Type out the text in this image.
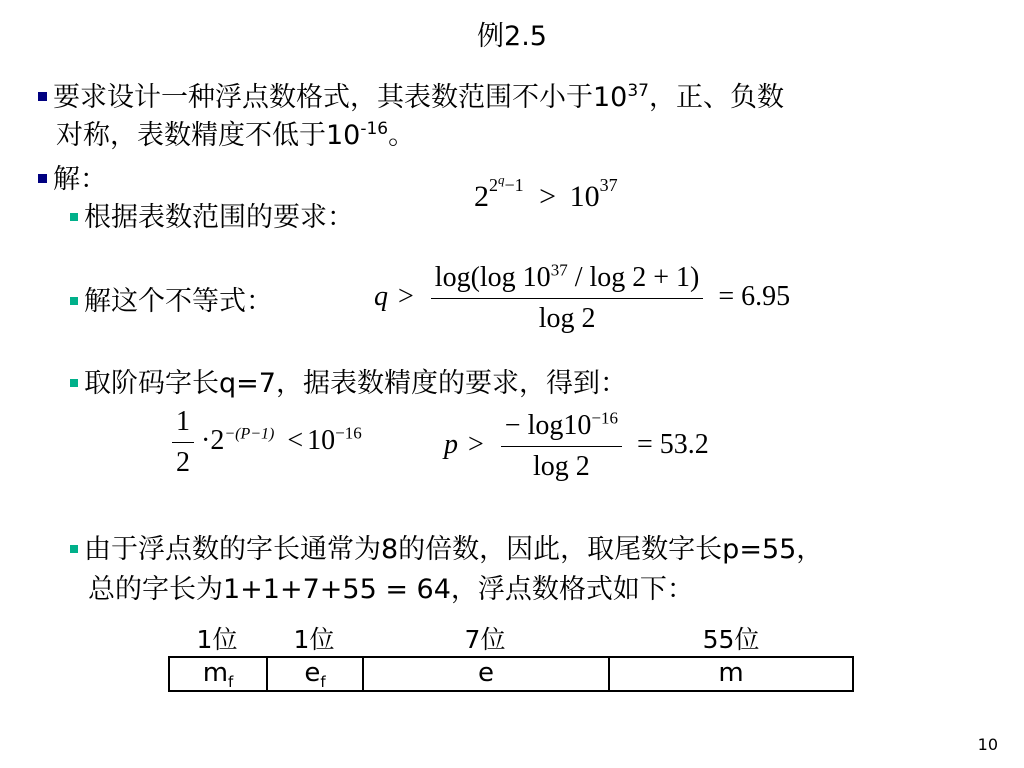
例2.5
要求设计一种浮点数格式，其表数范围不小于$10^{37}$，正、负数
对称，表数精度不低于$10^{-16}$。
解：
根据表数范围的要求：
$2^{2^q-1} > 10^{37}$
解这个不等式：	$q > \frac{\log(\log 10^{37} / \log 2 + 1)}{\log 2} = 6.95$
取阶码字长q=7，据表数精度的要求，得到：
$\frac{1}{2} \cdot 2^{-(P-1)} < 10^{-16}$	$p > \frac{- \log 10^{-16}}{\log 2} = 53.2$
由于浮点数的字长通常为8的倍数，因此，取尾数字长p=55，
总的字长为1+1+7+55 = 64，浮点数格式如下：
1位	1位	7位	55位
$m_f$	$e_f$	e	m
10
